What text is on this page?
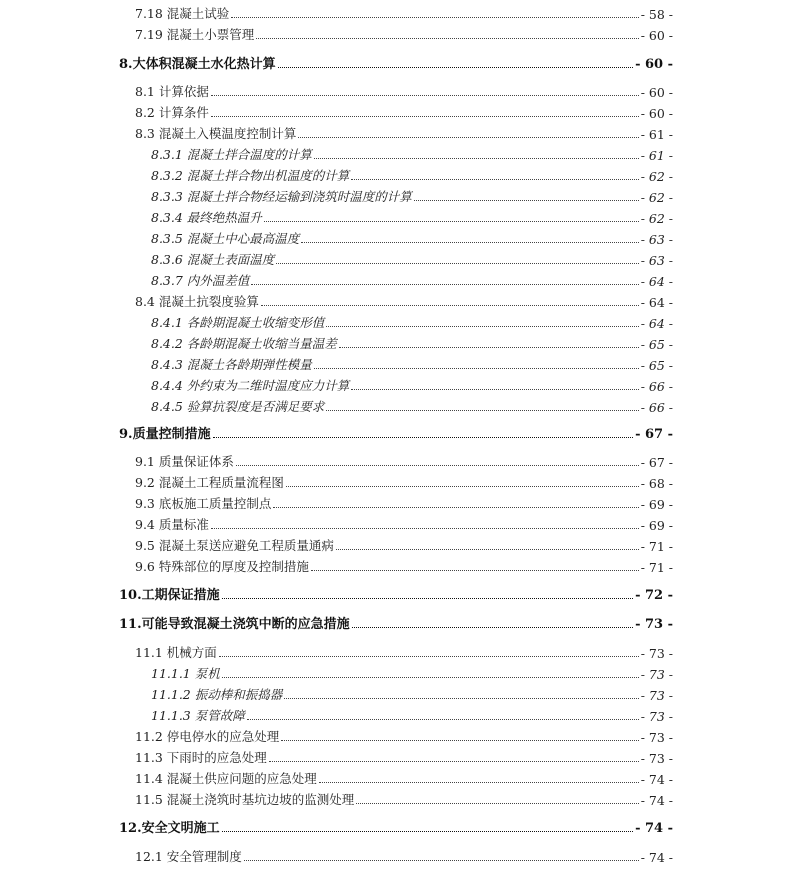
7.18 混凝土试验	- 58 -
7.19 混凝土小票管理	- 60 -
8.大体积混凝土水化热计算	- 60 -
8.1 计算依据	- 60 -
8.2 计算条件	- 60 -
8.3 混凝土入模温度控制计算	- 61 -
8.3.1 混凝土拌合温度的计算	- 61 -
8.3.2 混凝土拌合物出机温度的计算	- 62 -
8.3.3 混凝土拌合物经运输到浇筑时温度的计算	- 62 -
8.3.4 最终绝热温升	- 62 -
8.3.5 混凝土中心最高温度	- 63 -
8.3.6 混凝土表面温度	- 63 -
8.3.7 内外温差值	- 64 -
8.4 混凝土抗裂度验算	- 64 -
8.4.1 各龄期混凝土收缩变形值	- 64 -
8.4.2 各龄期混凝土收缩当量温差	- 65 -
8.4.3 混凝土各龄期弹性模量	- 65 -
8.4.4 外约束为二维时温度应力计算	- 66 -
8.4.5 验算抗裂度是否满足要求	- 66 -
9.质量控制措施	- 67 -
9.1 质量保证体系	- 67 -
9.2 混凝土工程质量流程图	- 68 -
9.3 底板施工质量控制点	- 69 -
9.4 质量标准	- 69 -
9.5 混凝土泵送应避免工程质量通病	- 71 -
9.6 特殊部位的厚度及控制措施	- 71 -
10.工期保证措施	- 72 -
11.可能导致混凝土浇筑中断的应急措施	- 73 -
11.1 机械方面	- 73 -
11.1.1 泵机	- 73 -
11.1.2 振动棒和振捣器	- 73 -
11.1.3 泵管故障	- 73 -
11.2 停电停水的应急处理	- 73 -
11.3 下雨时的应急处理	- 73 -
11.4 混凝土供应问题的应急处理	- 74 -
11.5 混凝土浇筑时基坑边坡的监测处理	- 74 -
12.安全文明施工	- 74 -
12.1 安全管理制度	- 74 -
